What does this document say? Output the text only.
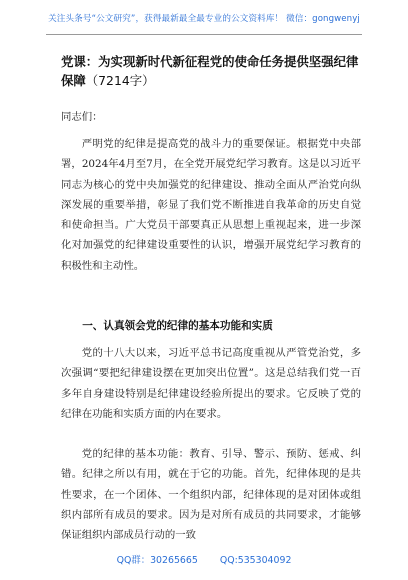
关注头条号“公文研究”，获得最新最全最专业的公文资料库！ 微信：gongwenyj
党课：为实现新时代新征程党的使命任务提供坚强纪律保障（7214字）
同志们：

严明党的纪律是提高党的战斗力的重要保证。根据党中央部署，2024年4月至7月，在全党开展党纪学习教育。这是以习近平同志为核心的党中央加强党的纪律建设、推动全面从严治党向纵深发展的重要举措，彰显了我们党不断推进自我革命的历史自觉和使命担当。广大党员干部要真正从思想上重视起来，进一步深化对加强党的纪律建设重要性的认识，增强开展党纪学习教育的积极性和主动性。

一、认真领会党的纪律的基本功能和实质

党的十八大以来，习近平总书记高度重视从严管党治党，多次强调“要把纪律建设摆在更加突出位置”。这是总结我们党一百多年自身建设特别是纪律建设经验所提出的要求。它反映了党的纪律在功能和实质方面的内在要求。

党的纪律的基本功能：教育、引导、警示、预防、惩戒、纠错。纪律之所以有用，就在于它的功能。首先，纪律体现的是共性要求，在一个团体、一个组织内部，纪律体现的是对团体或组织内部所有成员的要求。因为是对所有成员的共同要求，才能够保证组织内部成员行动的一致

QQ群：30265665 QQ:535304092
